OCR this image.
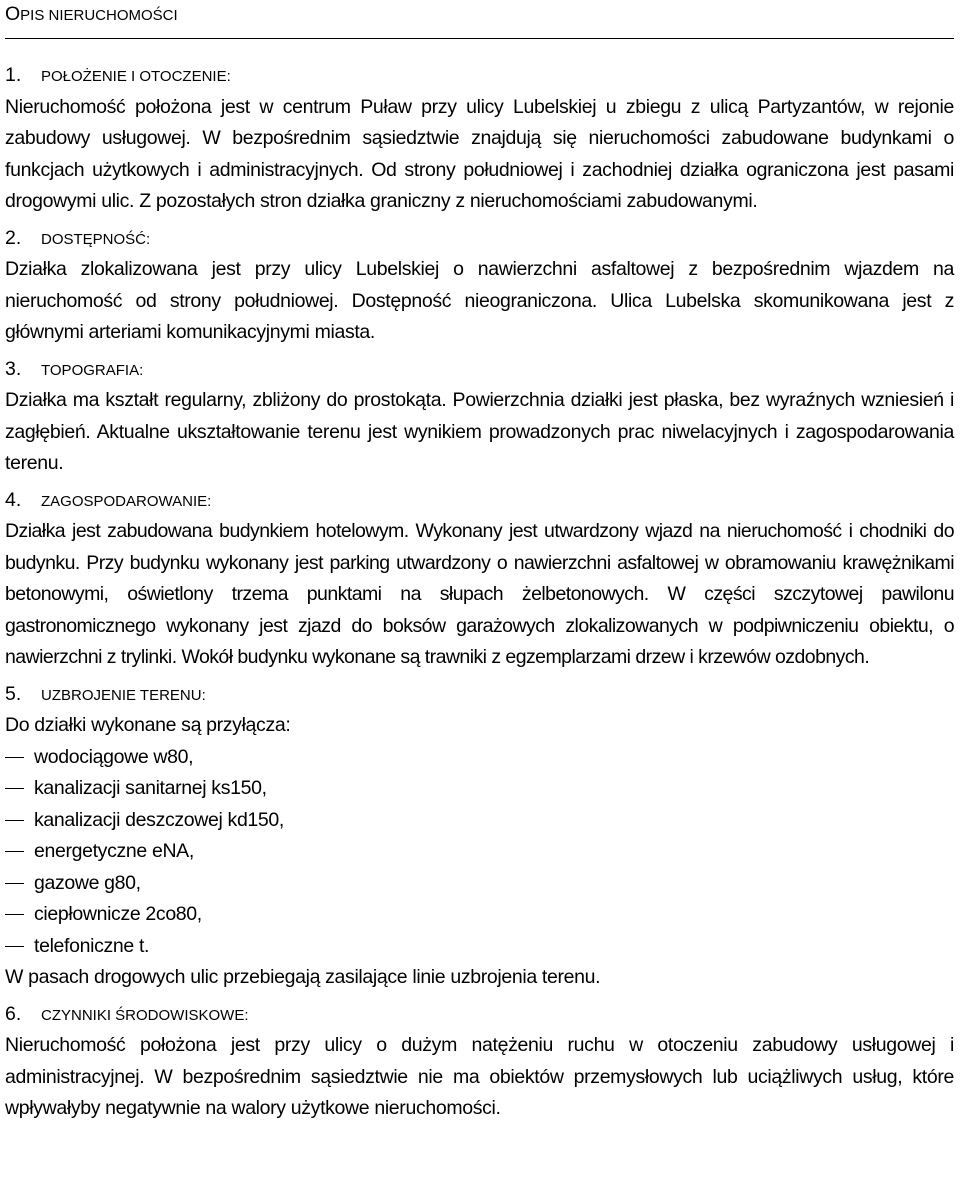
OPIS NIERUCHOMOŚCI
1. POŁOŻENIE I OTOCZENIE:

Nieruchomość położona jest w centrum Puław przy ulicy Lubelskiej u zbiegu z ulicą Partyzantów, w rejonie zabudowy usługowej. W bezpośrednim sąsiedztwie znajdują się nieruchomości zabudowane budynkami o funkcjach użytkowych i administracyjnych. Od strony południowej i zachodniej działka ograniczona jest pasami drogowymi ulic. Z pozostałych stron działka graniczny z nieruchomościami zabudowanymi.

2. DOSTĘPNOŚĆ:

Działka zlokalizowana jest przy ulicy Lubelskiej o nawierzchni asfaltowej z bezpośrednim wjazdem na nieruchomość od strony południowej. Dostępność nieograniczona. Ulica Lubelska skomunikowana jest z głównymi arteriami komunikacyjnymi miasta.

3. TOPOGRAFIA:

Działka ma kształt regularny, zbliżony do prostokąta. Powierzchnia działki jest płaska, bez wyraźnych wzniesień i zagłębień. Aktualne ukształtowanie terenu jest wynikiem prowadzonych prac niwelacyjnych i zagospodarowania terenu.

4. ZAGOSPODAROWANIE:

Działka jest zabudowana budynkiem hotelowym. Wykonany jest utwardzony wjazd na nieruchomość i chodniki do budynku. Przy budynku wykonany jest parking utwardzony o nawierzchni asfaltowej w obramowaniu krawężnikami betonowymi, oświetlony trzema punktami na słupach żelbetonowych. W części szczytowej pawilonu gastronomicznego wykonany jest zjazd do boksów garażowych zlokalizowanych w podpiwniczeniu obiektu, o nawierzchni z trylinki. Wokół budynku wykonane są trawniki z egzemplarzami drzew i krzewów ozdobnych.

5. UZBROJENIE TERENU:
Do działki wykonane są przyłącza:
wodociągowe w80,
kanalizacji sanitarnej ks150,
kanalizacji deszczowej kd150,
energetyczne eNA,
gazowe g80,
ciepłownicze 2co80,
telefoniczne t.
W pasach drogowych ulic przebiegają zasilające linie uzbrojenia terenu.
6. CZYNNIKI ŚRODOWISKOWE:

Nieruchomość położona jest przy ulicy o dużym natężeniu ruchu w otoczeniu zabudowy usługowej i administracyjnej. W bezpośrednim sąsiedztwie nie ma obiektów przemysłowych lub uciążliwych usług, które wpływałyby negatywnie na walory użytkowe nieruchomości.
